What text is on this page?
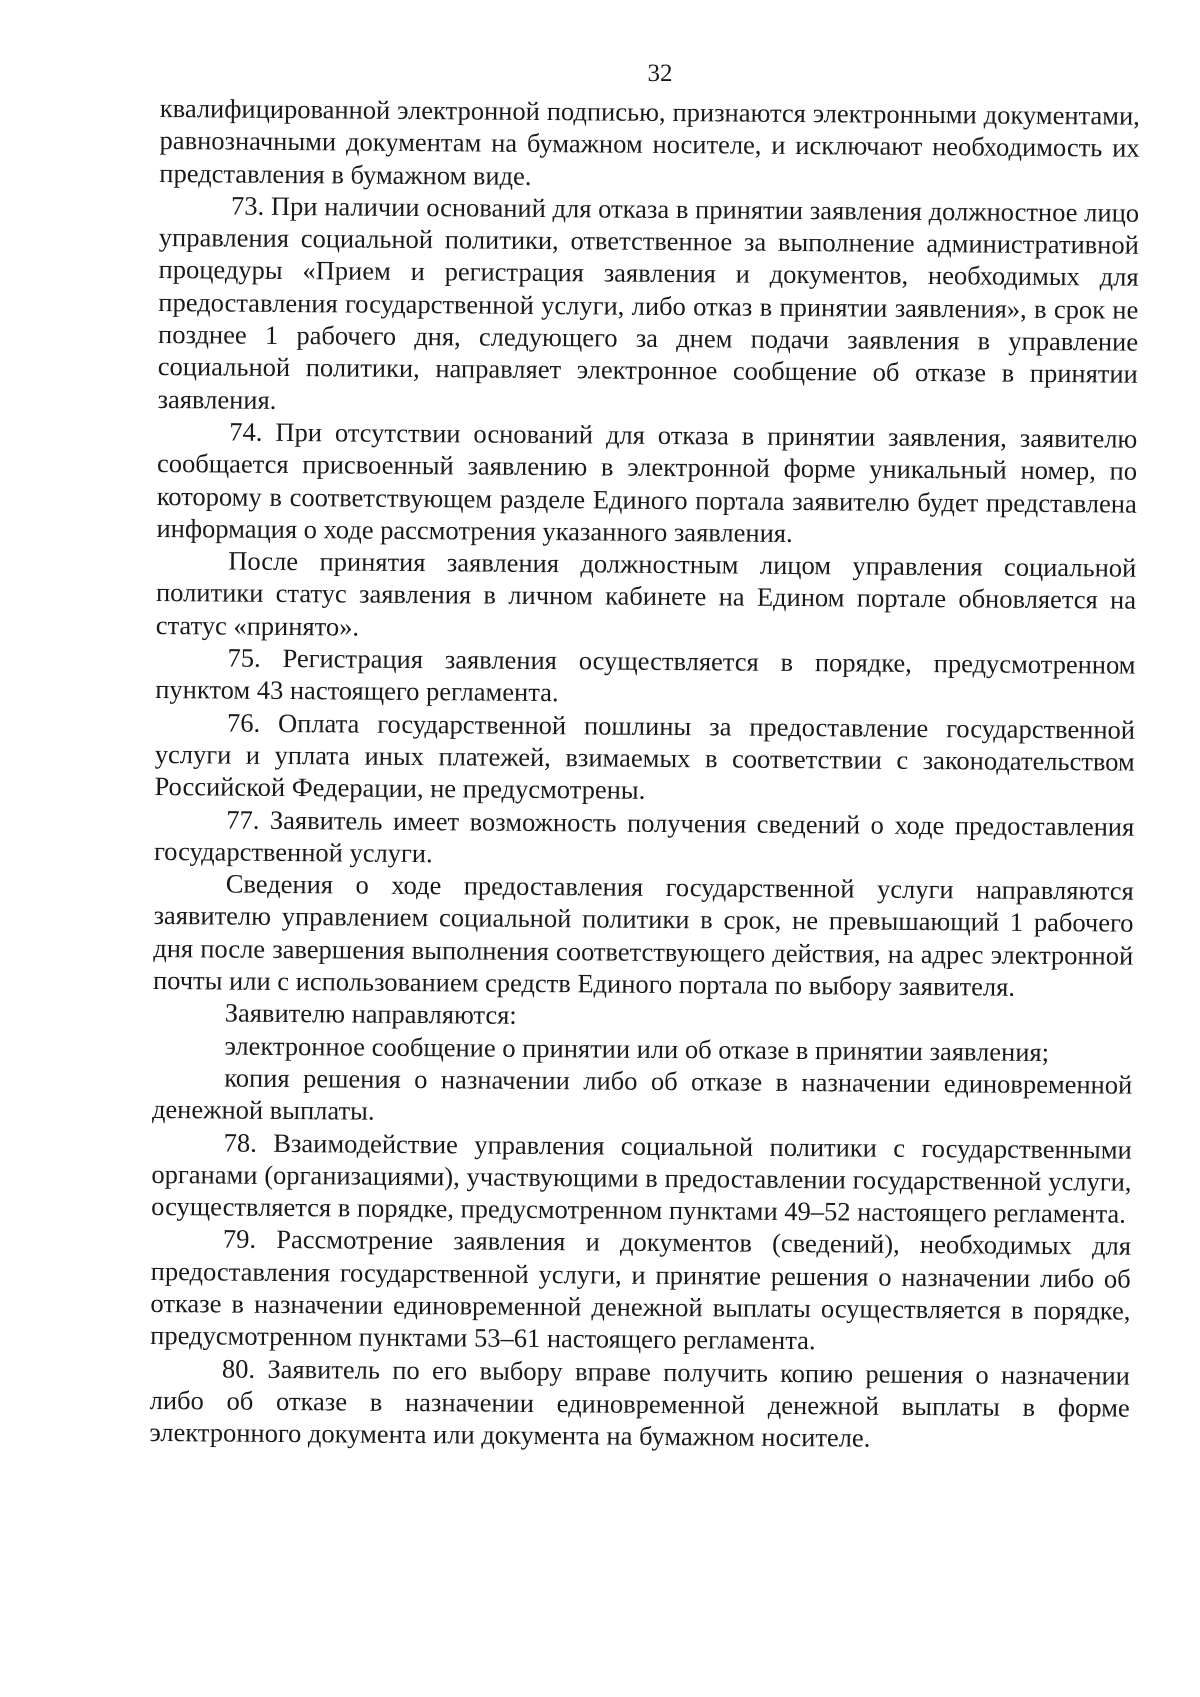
32

квалифицированной электронной подписью, признаются электронными документами, равнозначными документам на бумажном носителе, и исключают необходимость их представления в бумажном виде.

73. При наличии оснований для отказа в принятии заявления должностное лицо управления социальной политики, ответственное за выполнение административной процедуры «Прием и регистрация заявления и документов, необходимых для предоставления государственной услуги, либо отказ в принятии заявления», в срок не позднее 1 рабочего дня, следующего за днем подачи заявления в управление социальной политики, направляет электронное сообщение об отказе в принятии заявления.

74. При отсутствии оснований для отказа в принятии заявления, заявителю сообщается присвоенный заявлению в электронной форме уникальный номер, по которому в соответствующем разделе Единого портала заявителю будет представлена информация о ходе рассмотрения указанного заявления.

После принятия заявления должностным лицом управления социальной политики статус заявления в личном кабинете на Едином портале обновляется на статус «принято».

75. Регистрация заявления осуществляется в порядке, предусмотренном пунктом 43 настоящего регламента.

76. Оплата государственной пошлины за предоставление государственной услуги и уплата иных платежей, взимаемых в соответствии с законодательством Российской Федерации, не предусмотрены.

77. Заявитель имеет возможность получения сведений о ходе предоставления государственной услуги.

Сведения о ходе предоставления государственной услуги направляются заявителю управлением социальной политики в срок, не превышающий 1 рабочего дня после завершения выполнения соответствующего действия, на адрес электронной почты или с использованием средств Единого портала по выбору заявителя.

Заявителю направляются:

электронное сообщение о принятии или об отказе в принятии заявления;

копия решения о назначении либо об отказе в назначении единовременной денежной выплаты.

78. Взаимодействие управления социальной политики с государственными органами (организациями), участвующими в предоставлении государственной услуги, осуществляется в порядке, предусмотренном пунктами 49–52 настоящего регламента.

79. Рассмотрение заявления и документов (сведений), необходимых для предоставления государственной услуги, и принятие решения о назначении либо об отказе в назначении единовременной денежной выплаты осуществляется в порядке, предусмотренном пунктами 53–61 настоящего регламента.

80. Заявитель по его выбору вправе получить копию решения о назначении либо об отказе в назначении единовременной денежной выплаты в форме электронного документа или документа на бумажном носителе.
